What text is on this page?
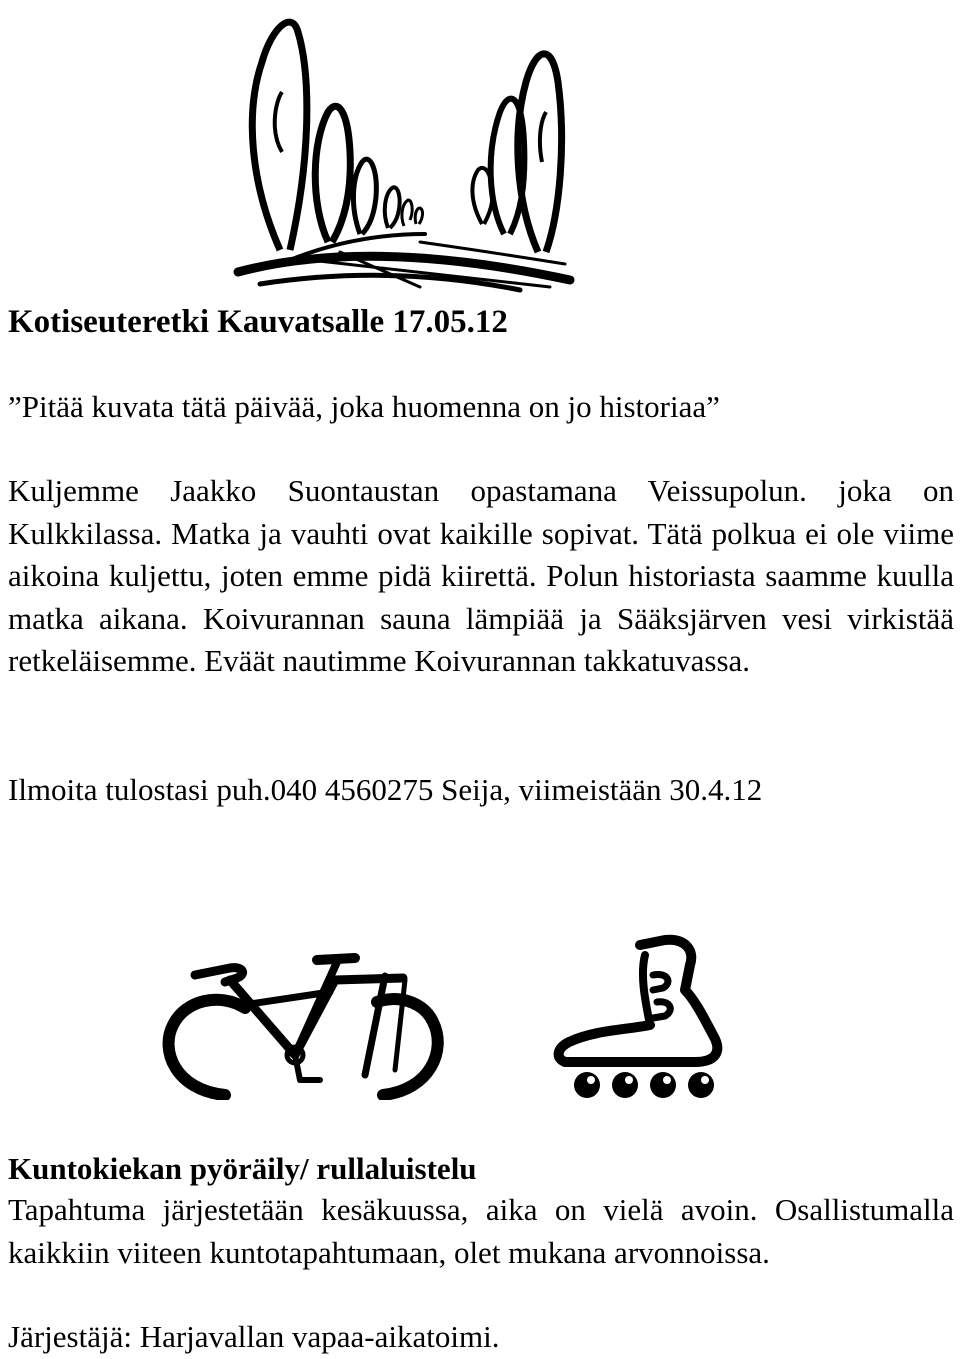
Kotiseuteretki Kauvatsalle 17.05.12
”Pitää kuvata tätä päivää, joka huomenna on jo historiaa”
Kuljemme Jaakko Suontaustan opastamana Veissupolun. joka on Kulkkilassa. Matka ja vauhti ovat kaikille sopivat. Tätä polkua ei ole viime aikoina kuljettu, joten emme pidä kiirettä. Polun historiasta saamme kuulla matka aikana. Koivurannan sauna lämpiää ja Sääksjärven vesi virkistää retkeläisemme. Eväät nautimme Koivurannan takkatuvassa.
Ilmoita tulostasi puh.040 4560275 Seija, viimeistään 30.4.12
Kuntokiekan pyöräily/ rullaluistelu
Tapahtuma järjestetään kesäkuussa, aika on vielä avoin. Osallistumalla kaikkiin viiteen kuntotapahtumaan, olet mukana arvonnoissa.
Järjestäjä: Harjavallan vapaa-aikatoimi.
